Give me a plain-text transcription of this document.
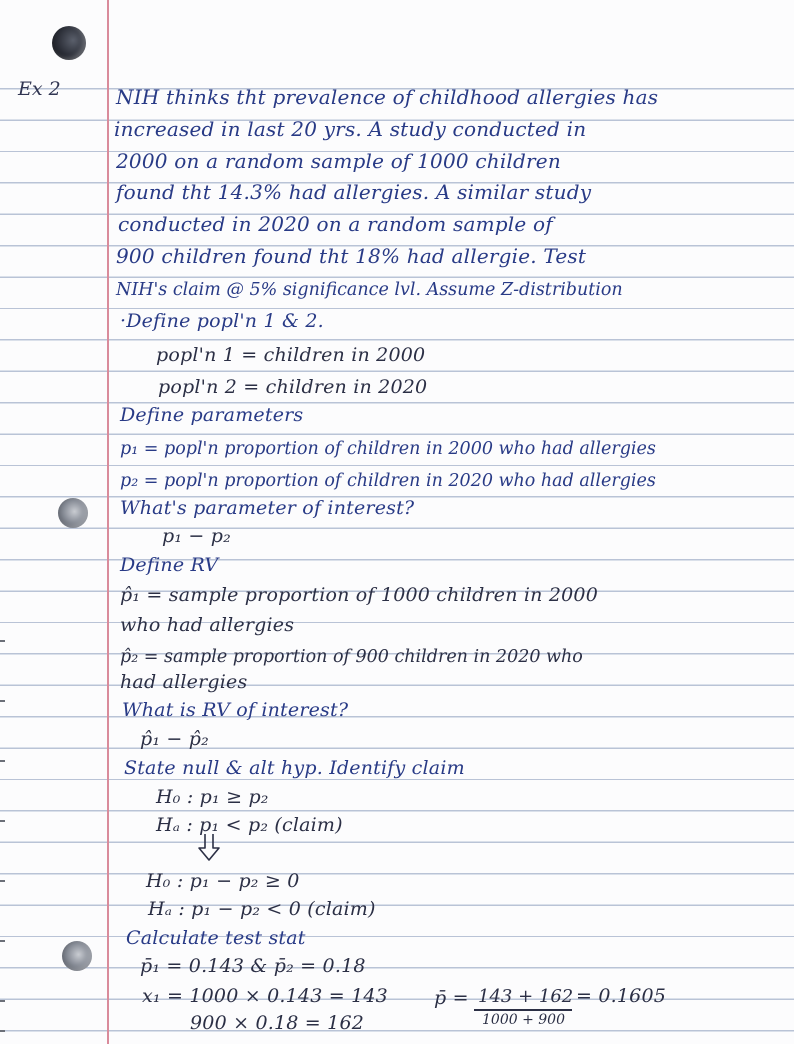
Ex 2	NIH thinks tht prevalence of childhood allergies has

increased in last 20 yrs. A study conducted in

2000 on a random sample of 1000 children

found tht 14.3% had allergies. A similar study

conducted in 2020 on a random sample of

900 children found tht 18% had allergie. Test

NIH's claim @ 5% significance lvl. Assume Z-distribution

·Define popl'n 1 & 2.

popl'n 1 = children in 2000

popl'n 2 = children in 2020

Define parameters

p₁ = popl'n proportion of children in 2000 who had allergies

p₂ = popl'n proportion of children in 2020 who had allergies

What's parameter of interest?

p₁ − p₂

Define RV

p̂₁ = sample proportion of 1000 children in 2000

who had allergies

p̂₂ = sample proportion of 900 children in 2020 who

had allergies

What is RV of interest?

p̂₁ − p̂₂

State null & alt hyp. Identify claim

H₀ : p₁ ≥ p₂

Hₐ : p₁ < p₂ (claim)

H₀ : p₁ − p₂ ≥ 0

Hₐ : p₁ − p₂ < 0 (claim)

Calculate test stat

p̄₁ = 0.143 & p̄₂ = 0.18

x₁ = 1000 × 0.143 = 143

900 × 0.18 = 162

p̄ = 143 + 162
1000 + 900

= 0.1605
